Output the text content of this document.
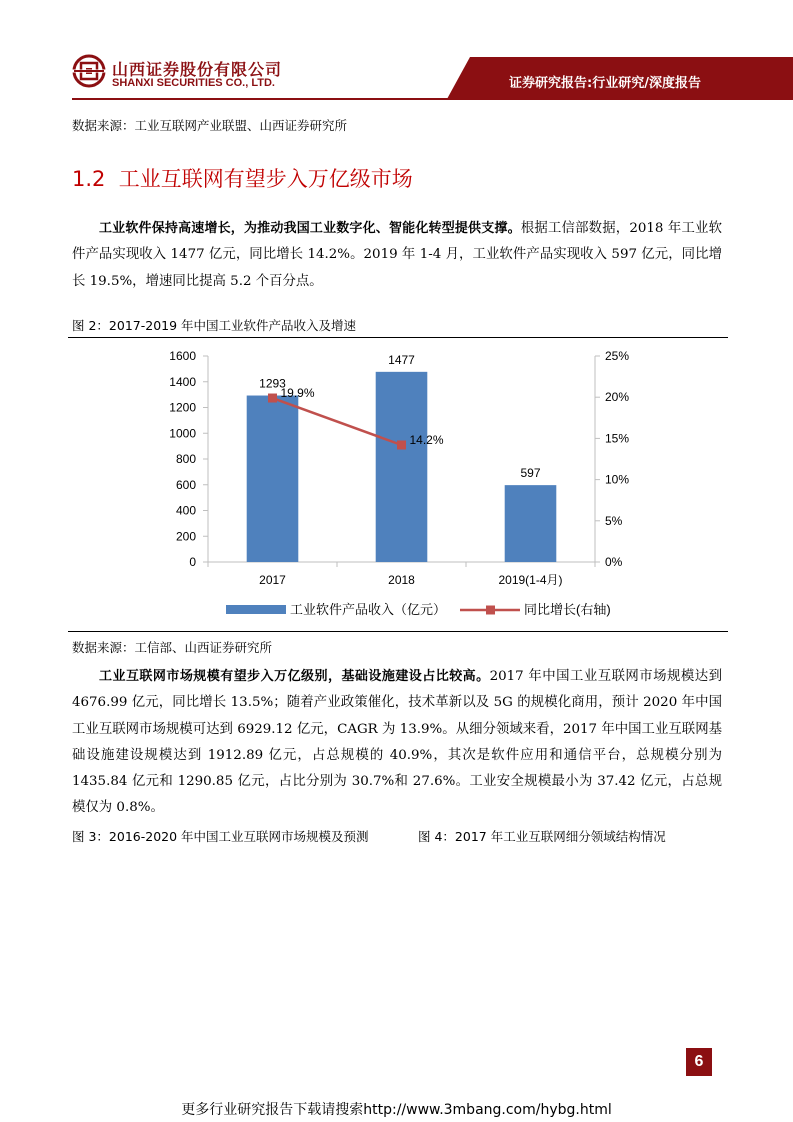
山西证券股份有限公司
SHANXI SECURITIES CO., LTD.	证券研究报告:行业研究/深度报告
数据来源：工业互联网产业联盟、山西证券研究所
1.2 工业互联网有望步入万亿级市场
工业软件保持高速增长，为推动我国工业数字化、智能化转型提供支撑。根据工信部数据，2018 年工业软件产品实现收入 1477 亿元，同比增长 14.2%。2019 年 1-4 月，工业软件产品实现收入 597 亿元，同比增长 19.5%，增速同比提高 5.2 个百分点。
图 2：2017-2019 年中国工业软件产品收入及增速
0
200
400
600
800
1000
1200
1400
1600
0%
5%
10%
15%
20%
25%
2017
1293
2018
1477
2019(1-4月)
597
19.9%
14.2%
工业软件产品收入（亿元）	同比增长(右轴)
数据来源：工信部、山西证券研究所
工业互联网市场规模有望步入万亿级别，基础设施建设占比较高。2017 年中国工业互联网市场规模达到 4676.99 亿元，同比增长 13.5%；随着产业政策催化，技术革新以及 5G 的规模化商用，预计 2020 年中国工业互联网市场规模可达到 6929.12 亿元，CAGR 为 13.9%。从细分领域来看，2017 年中国工业互联网基础设施建设规模达到 1912.89 亿元，占总规模的 40.9%，其次是软件应用和通信平台，总规模分别为 1435.84 亿元和 1290.85 亿元，占比分别为 30.7%和 27.6%。工业安全规模最小为 37.42 亿元，占总规模仅为 0.8%。
图 3：2016-2020 年中国工业互联网市场规模及预测	图 4：2017 年工业互联网细分领域结构情况
6
更多行业研究报告下载请搜索http://www.3mbang.com/hybg.html
